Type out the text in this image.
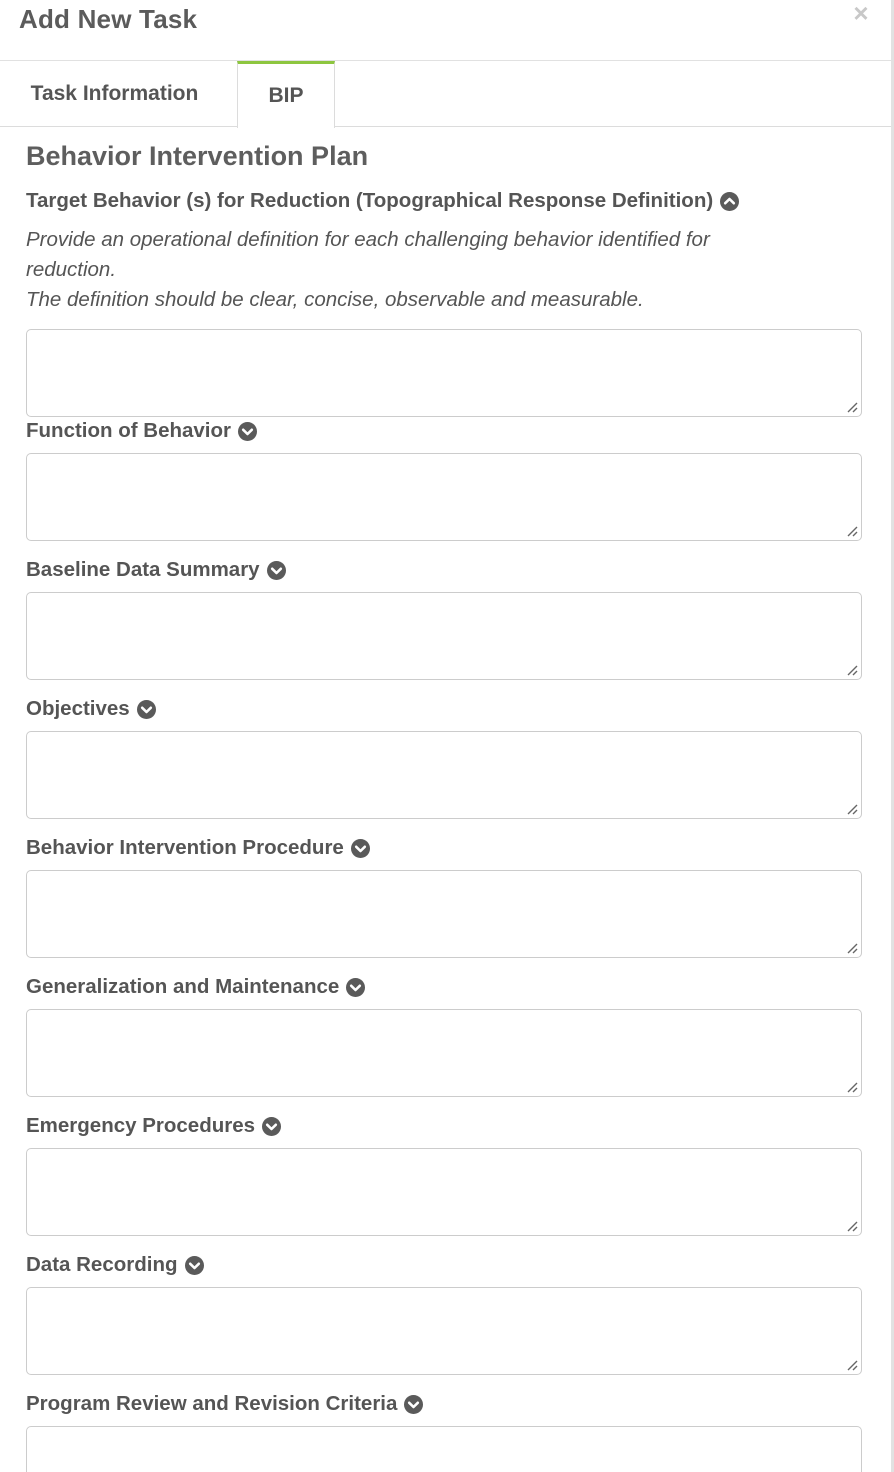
Add New Task	×
Task Information	BIP
Behavior Intervention Plan
Target Behavior (s) for Reduction (Topographical Response Definition)
Provide an operational definition for each challenging behavior identified for
reduction.
The definition should be clear, concise, observable and measurable.
Function of Behavior
Baseline Data Summary
Objectives
Behavior Intervention Procedure
Generalization and Maintenance
Emergency Procedures
Data Recording
Program Review and Revision Criteria
